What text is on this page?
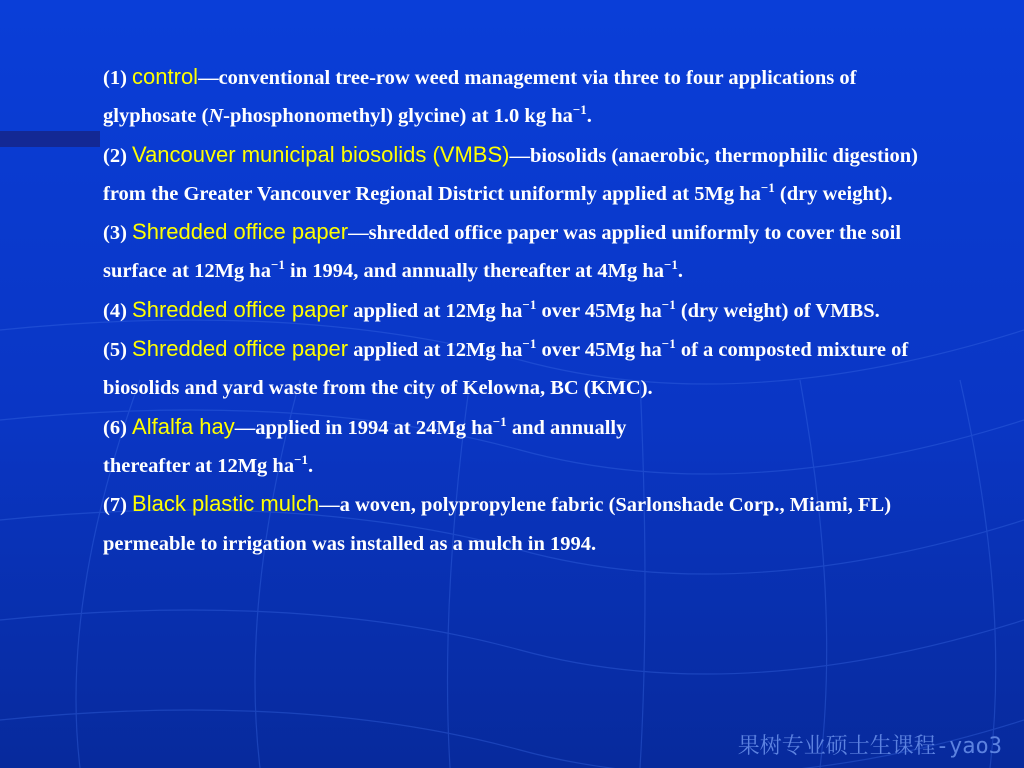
(1) control—conventional tree-row weed management via three to four applications of glyphosate (N-phosphonomethyl) glycine) at 1.0 kg $ha^{-1}$.

(2) Vancouver municipal biosolids (VMBS)—biosolids (anaerobic, thermophilic digestion) from the Greater Vancouver Regional District uniformly applied at 5Mg $ha^{-1}$ (dry weight).

(3) Shredded office paper—shredded office paper was applied uniformly to cover the soil surface at 12Mg $ha^{-1}$ in 1994, and annually thereafter at 4Mg $ha^{-1}$.

(4) Shredded office paper applied at 12Mg $ha^{-1}$ over 45Mg $ha^{-1}$ (dry weight) of VMBS.

(5) Shredded office paper applied at 12Mg $ha^{-1}$ over 45Mg $ha^{-1}$ of a composted mixture of biosolids and yard waste from the city of Kelowna, BC (KMC).

(6) Alfalfa hay—applied in 1994 at 24Mg $ha^{-1}$ and annually
thereafter at 12Mg $ha^{-1}$.

(7) Black plastic mulch—a woven, polypropylene fabric (Sarlonshade Corp., Miami, FL) permeable to irrigation was installed as a mulch in 1994.

果树专业硕士生课程-yao3
